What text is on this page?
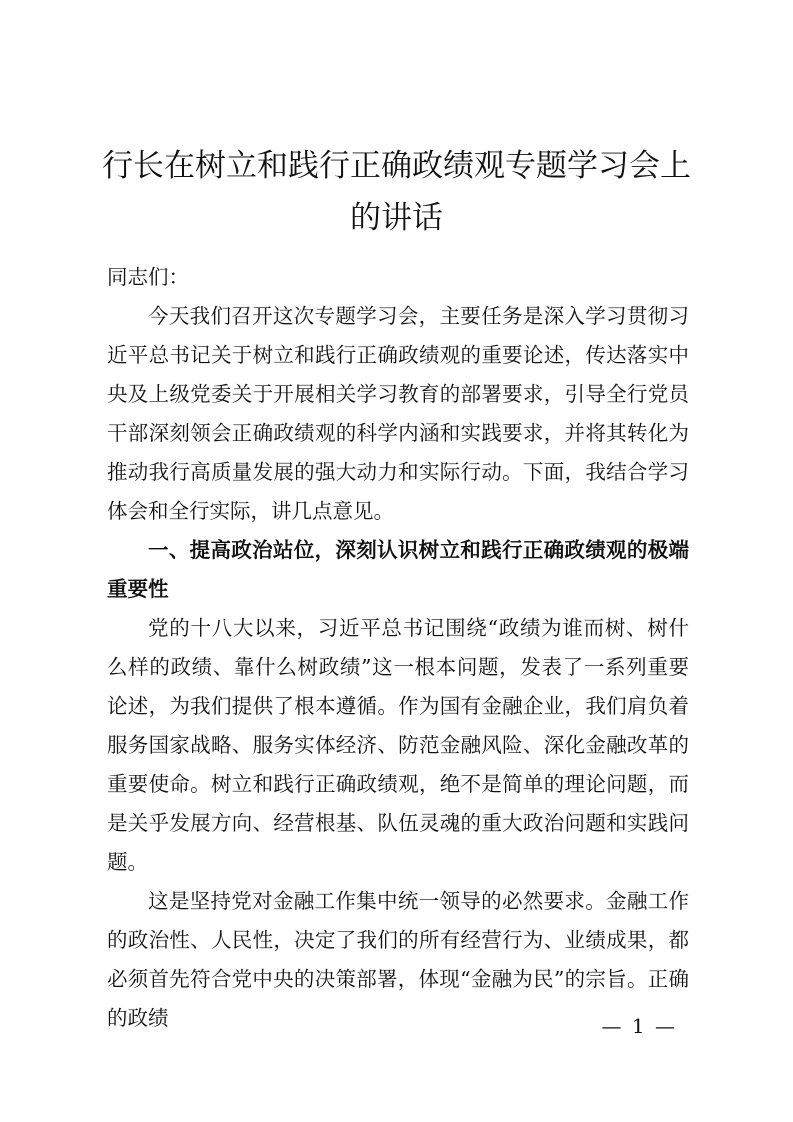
行长在树立和践行正确政绩观专题学习会上的讲话

同志们：

今天我们召开这次专题学习会，主要任务是深入学习贯彻习近平总书记关于树立和践行正确政绩观的重要论述，传达落实中央及上级党委关于开展相关学习教育的部署要求，引导全行党员干部深刻领会正确政绩观的科学内涵和实践要求，并将其转化为推动我行高质量发展的强大动力和实际行动。下面，我结合学习体会和全行实际，讲几点意见。

一、提高政治站位，深刻认识树立和践行正确政绩观的极端重要性

党的十八大以来，习近平总书记围绕“政绩为谁而树、树什么样的政绩、靠什么树政绩”这一根本问题，发表了一系列重要论述，为我们提供了根本遵循。作为国有金融企业，我们肩负着服务国家战略、服务实体经济、防范金融风险、深化金融改革的重要使命。树立和践行正确政绩观，绝不是简单的理论问题，而是关乎发展方向、经营根基、队伍灵魂的重大政治问题和实践问题。

这是坚持党对金融工作集中统一领导的必然要求。金融工作的政治性、人民性，决定了我们的所有经营行为、业绩成果，都必须首先符合党中央的决策部署，体现“金融为民”的宗旨。正确的政绩	— 1 —
